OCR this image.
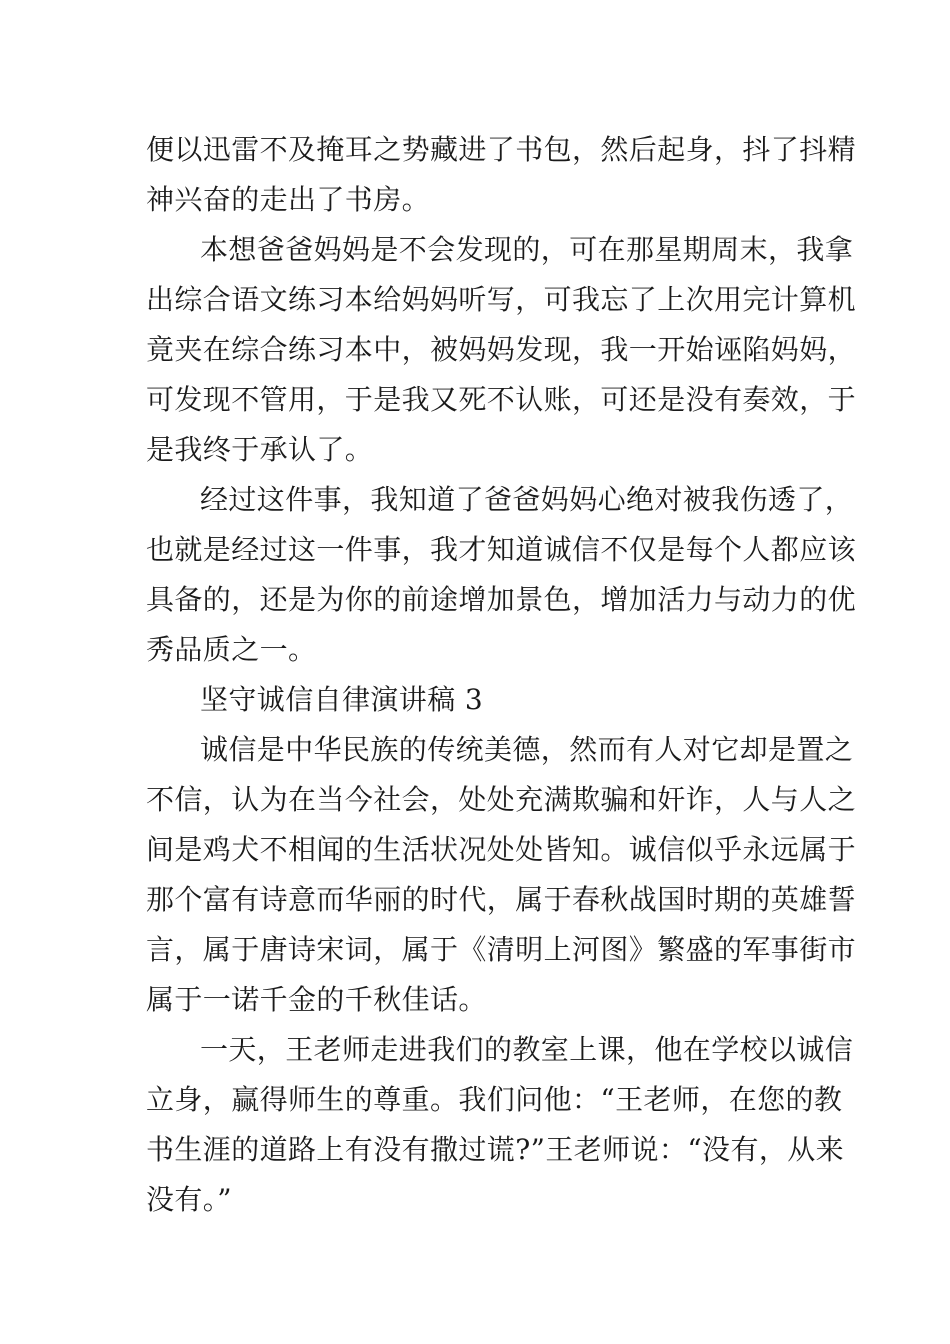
便以迅雷不及掩耳之势藏进了书包，然后起身，抖了抖精
神兴奋的走出了书房。
本想爸爸妈妈是不会发现的，可在那星期周末，我拿
出综合语文练习本给妈妈听写，可我忘了上次用完计算机
竟夹在综合练习本中，被妈妈发现，我一开始诬陷妈妈，
可发现不管用，于是我又死不认账，可还是没有奏效，于
是我终于承认了。
经过这件事，我知道了爸爸妈妈心绝对被我伤透了，
也就是经过这一件事，我才知道诚信不仅是每个人都应该
具备的，还是为你的前途增加景色，增加活力与动力的优
秀品质之一。
坚守诚信自律演讲稿 3
诚信是中华民族的传统美德，然而有人对它却是置之
不信，认为在当今社会，处处充满欺骗和奸诈，人与人之
间是鸡犬不相闻的生活状况处处皆知。诚信似乎永远属于
那个富有诗意而华丽的时代，属于春秋战国时期的英雄誓
言，属于唐诗宋词，属于《清明上河图》繁盛的军事街市
属于一诺千金的千秋佳话。
一天，王老师走进我们的教室上课，他在学校以诚信
立身，赢得师生的尊重。我们问他：“王老师，在您的教
书生涯的道路上有没有撒过谎?”王老师说：“没有，从来
没有。”
